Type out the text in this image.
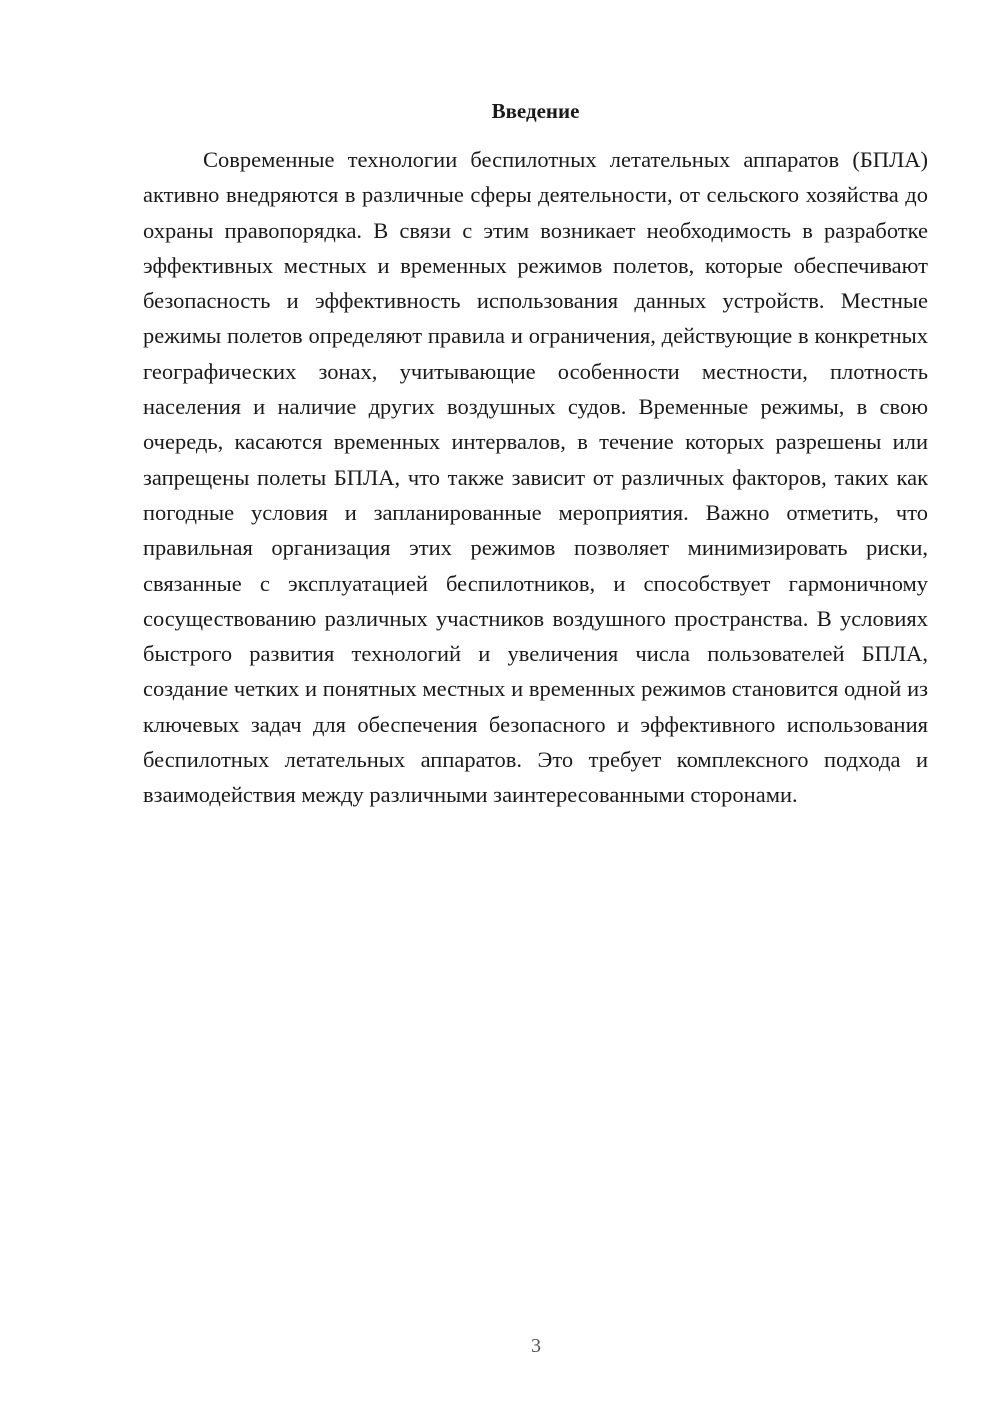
Введение

Современные технологии беспилотных летательных аппаратов (БПЛА) активно внедряются в различные сферы деятельности, от сельского хозяйства до охраны правопорядка. В связи с этим возникает необходимость в разработке эффективных местных и временных режимов полетов, которые обеспечивают безопасность и эффективность использования данных устройств. Местные режимы полетов определяют правила и ограничения, действующие в конкретных географических зонах, учитывающие особенности местности, плотность населения и наличие других воздушных судов. Временные режимы, в свою очередь, касаются временных интервалов, в течение которых разрешены или запрещены полеты БПЛА, что также зависит от различных факторов, таких как погодные условия и запланированные мероприятия. Важно отметить, что правильная организация этих режимов позволяет минимизировать риски, связанные с эксплуатацией беспилотников, и способствует гармоничному сосуществованию различных участников воздушного пространства. В условиях быстрого развития технологий и увеличения числа пользователей БПЛА, создание четких и понятных местных и временных режимов становится одной из ключевых задач для обеспечения безопасного и эффективного использования беспилотных летательных аппаратов. Это требует комплексного подхода и взаимодействия между различными заинтересованными сторонами.

3
